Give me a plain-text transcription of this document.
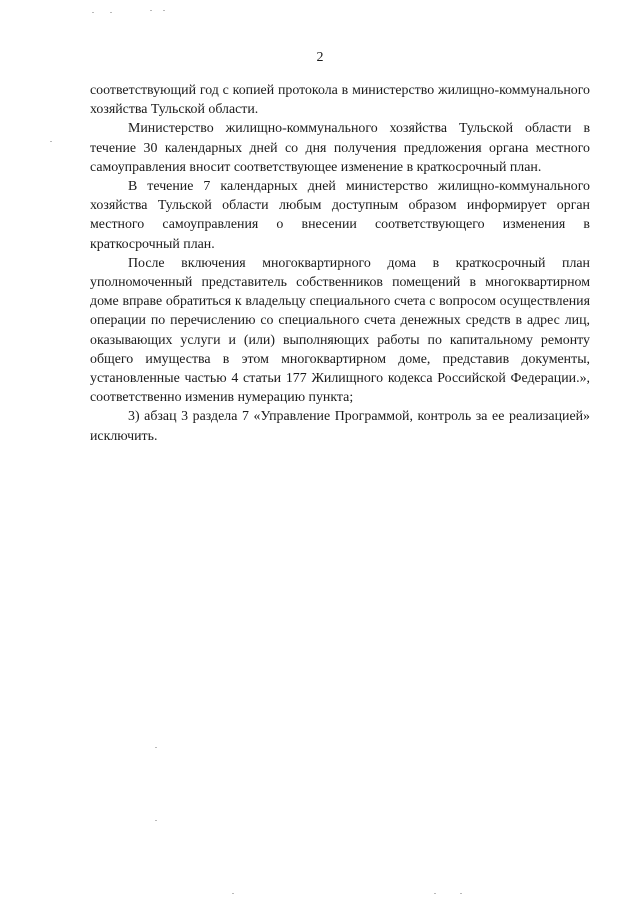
2

соответствующий год с копией протокола в министерство жилищно-коммунального хозяйства Тульской области.

Министерство жилищно-коммунального хозяйства Тульской области в течение 30 календарных дней со дня получения предложения органа местного самоуправления вносит соответствующее изменение в краткосрочный план.

В течение 7 календарных дней министерство жилищно-коммунального хозяйства Тульской области любым доступным образом информирует орган местного самоуправления о внесении соответствующего изменения в краткосрочный план.

После включения многоквартирного дома в краткосрочный план уполномоченный представитель собственников помещений в многоквартирном доме вправе обратиться к владельцу специального счета с вопросом осуществления операции по перечислению со специального счета денежных средств в адрес лиц, оказывающих услуги и (или) выполняющих работы по капитальному ремонту общего имущества в этом многоквартирном доме, представив документы, установленные частью 4 статьи 177 Жилищного кодекса Российской Федерации.», соответственно изменив нумерацию пункта;

3) абзац 3 раздела 7 «Управление Программой, контроль за ее реализацией» исключить.
